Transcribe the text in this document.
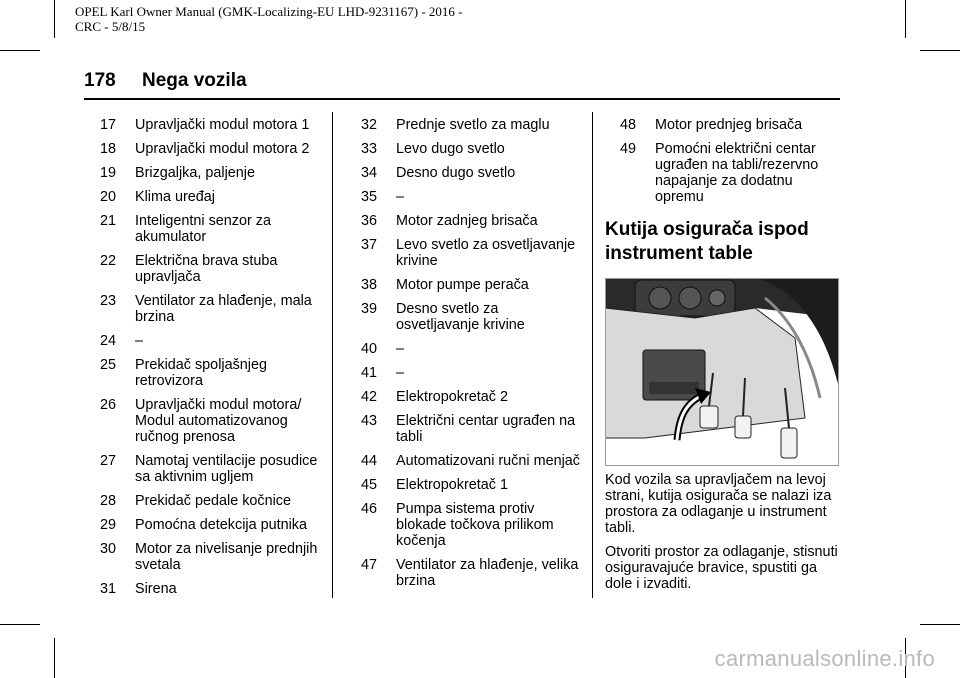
OPEL Karl Owner Manual (GMK-Localizing-EU LHD-9231167) - 2016 -
CRC - 5/8/15
178 Nega vozila
17	Upravljački modul motora 1
18	Upravljački modul motora 2
19	Brizgaljka, paljenje
20	Klima uređaj
21	Inteligentni senzor za akumulator
22	Električna brava stuba upravljača
23	Ventilator za hlađenje, mala brzina
24	–
25	Prekidač spoljašnjeg retrovizora
26	Upravljački modul motora/ Modul automatizovanog ručnog prenosa
27	Namotaj ventilacije posudice sa aktivnim ugljem
28	Prekidač pedale kočnice
29	Pomoćna detekcija putnika
30	Motor za nivelisanje prednjih svetala
31	Sirena
32	Prednje svetlo za maglu
33	Levo dugo svetlo
34	Desno dugo svetlo
35	–
36	Motor zadnjeg brisača
37	Levo svetlo za osvetljavanje krivine
38	Motor pumpe perača
39	Desno svetlo za osvetljavanje krivine
40	–
41	–
42	Elektropokretač 2
43	Električni centar ugrađen na tabli
44	Automatizovani ručni menjač
45	Elektropokretač 1
46	Pumpa sistema protiv blokade točkova prilikom kočenja
47	Ventilator za hlađenje, velika brzina
48	Motor prednjeg brisača
49	Pomoćni električni centar ugrađen na tabli/rezervno napajanje za dodatnu opremu
Kutija osigurača ispod instrument table
Kod vozila sa upravljačem na levoj strani, kutija osigurača se nalazi iza prostora za odlaganje u instrument tabli.
Otvoriti prostor za odlaganje, stisnuti osiguravajuće bravice, spustiti ga dole i izvaditi.
carmanualsonline.info
